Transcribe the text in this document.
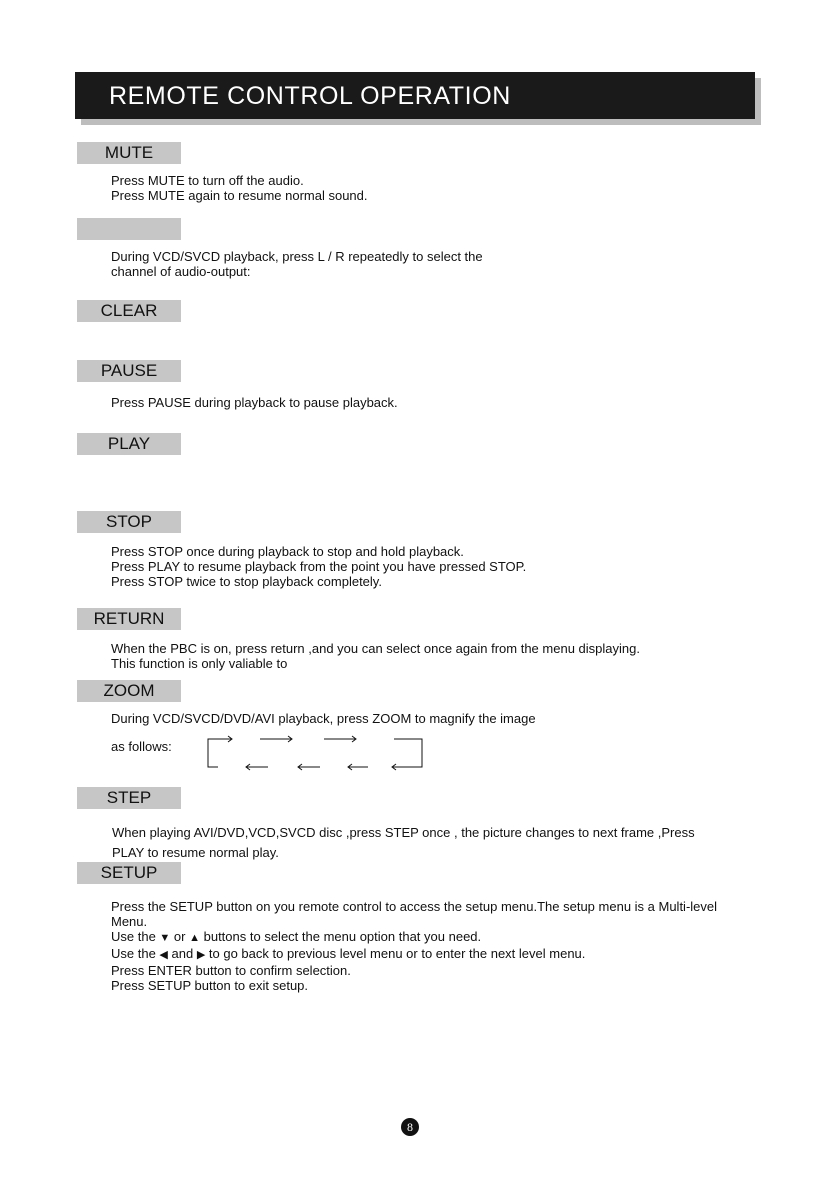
REMOTE CONTROL OPERATION
MUTE
Press MUTE to turn off the audio.
Press MUTE again to resume normal sound.
During VCD/SVCD playback, press L / R repeatedly to select the
channel of audio-output:
CLEAR
PAUSE
Press PAUSE during playback to pause playback.
PLAY
STOP
Press STOP once during playback to stop and hold playback.
Press PLAY to resume playback from the point you have pressed STOP.
Press STOP twice to stop playback completely.
RETURN
When the PBC is on, press return ,and you can select once again from the menu displaying.
This function is only valiable to
ZOOM
During VCD/SVCD/DVD/AVI playback, press ZOOM to magnify the image
as follows:
STEP
When playing AVI/DVD,VCD,SVCD disc ,press STEP once , the picture changes to next frame ,Press
PLAY to resume normal play.
SETUP
Press the SETUP button on you remote control to access the setup menu.The setup menu is a Multi-level
Menu.
Use the ▼ or ▲ buttons to select the menu option that you need.
Use the ◀ and ▶ to go back to previous level menu or to enter the next level menu.
Press ENTER button to confirm selection.
Press SETUP button to exit setup.
8
